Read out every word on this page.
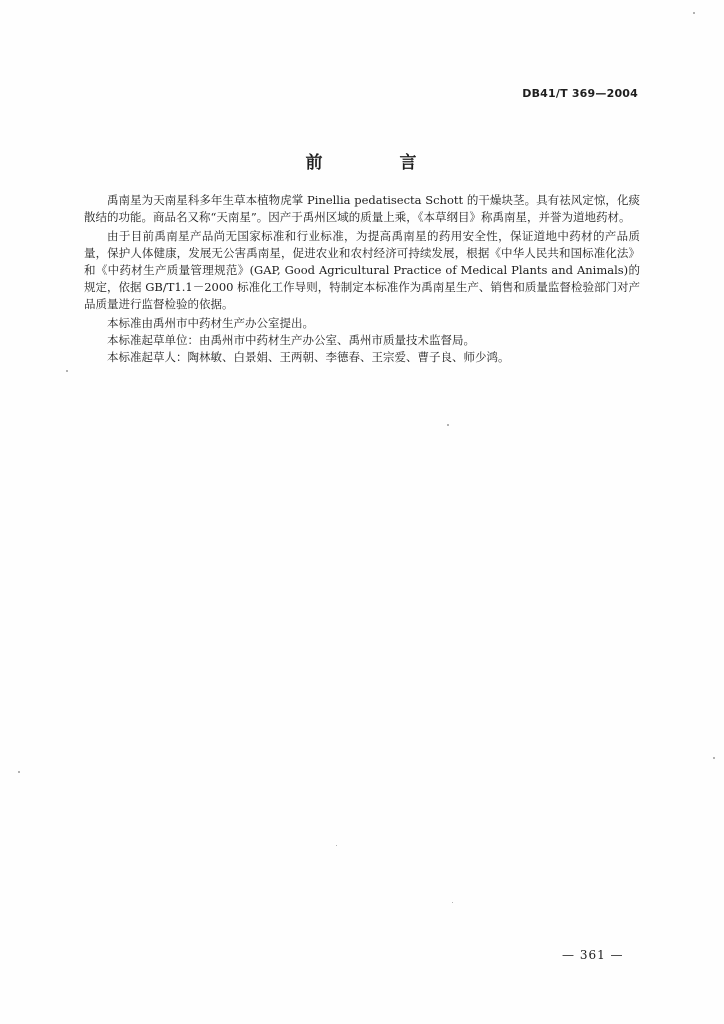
DB41/T 369—2004
前　言

禹南星为天南星科多年生草本植物虎掌 Pinellia pedatisecta Schott 的干燥块茎。具有祛风定惊，化痰散结的功能。商品名又称“天南星”。因产于禹州区域的质量上乘，《本草纲目》称禹南星，并誉为道地药材。

由于目前禹南星产品尚无国家标准和行业标准，为提高禹南星的药用安全性，保证道地中药材的产品质量，保护人体健康，发展无公害禹南星，促进农业和农村经济可持续发展，根据《中华人民共和国标准化法》和《中药材生产质量管理规范》(GAP, Good Agricultural Practice of Medical Plants and Animals)的规定，依据 GB/T1.1－2000 标准化工作导则，特制定本标准作为禹南星生产、销售和质量监督检验部门对产品质量进行监督检验的依据。

本标准由禹州市中药材生产办公室提出。

本标准起草单位：由禹州市中药材生产办公室、禹州市质量技术监督局。

本标准起草人：陶林敏、白景娟、王两朝、李德春、王宗爱、曹子良、师少鸿。

— 361 —
